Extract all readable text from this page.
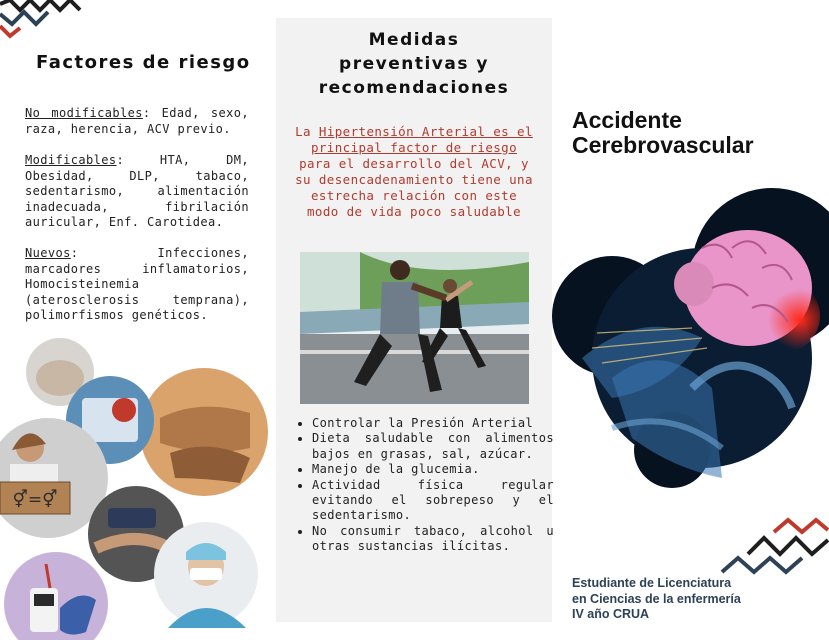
Factores de riesgo
No modificables: Edad, sexo, raza, herencia, ACV previo.
Modificables: HTA, DM, Obesidad, DLP, tabaco, sedentarismo, alimentación inadecuada, fibrilación auricular, Enf. Carotidea.
Nuevos: Infecciones, marcadores inflamatorios, Homocisteinemia (aterosclerosis temprana), polimorfismos genéticos.
⚥=⚥
Medidas
preventivas y
recomendaciones
La Hipertensión Arterial es el principal factor de riesgo para el desarrollo del ACV, y su desencadenamiento tiene una estrecha relación con este modo de vida poco saludable
• Controlar la Presión Arterial
• Dieta saludable con alimentos bajos en grasas, sal, azúcar.
• Manejo de la glucemia.
• Actividad física regular evitando el sobrepeso y el sedentarismo.
• No consumir tabaco, alcohol u otras sustancias ilícitas.
Accidente
Cerebrovascular
Estudiante de Licenciatura
en Ciencias de la enfermería
IV año CRUA
